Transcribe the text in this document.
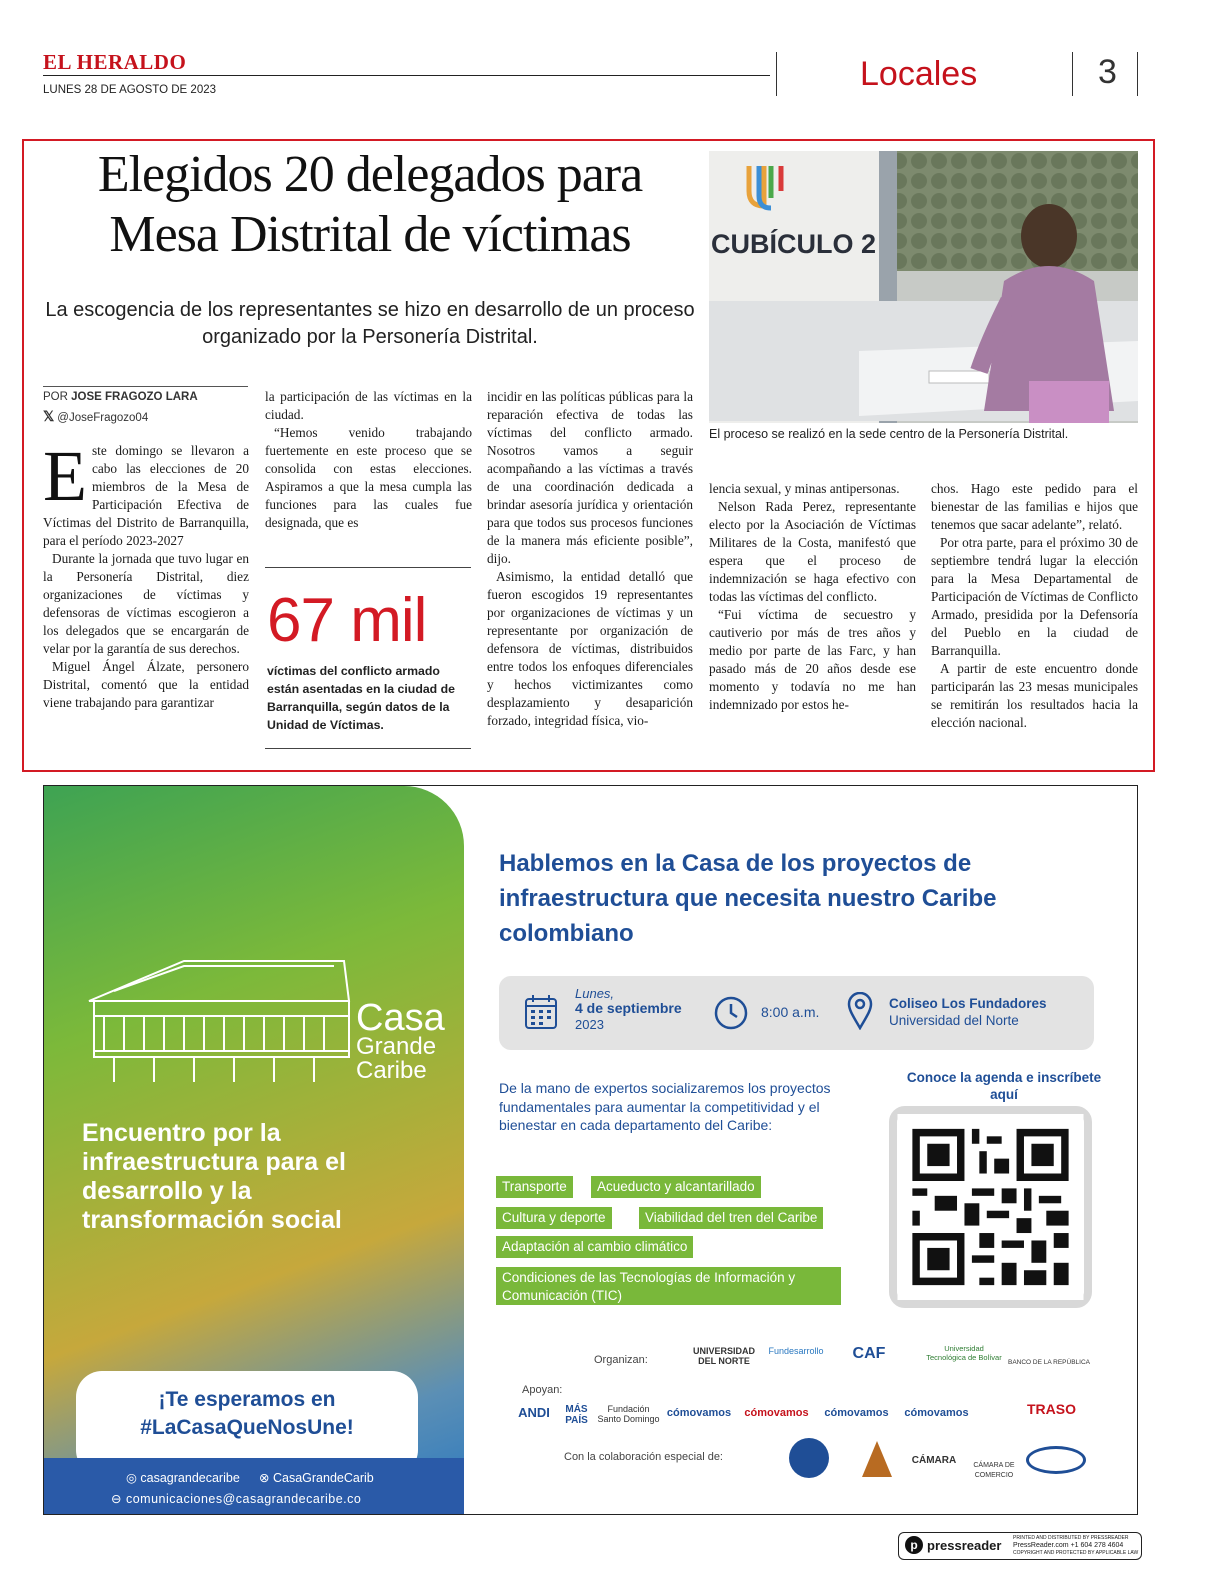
EL HERALDO
LUNES 28 DE AGOSTO DE 2023	Locales	3
Elegidos 20 delegados para Mesa Distrital de víctimas
La escogencia de los representantes se hizo en desarrollo de un proceso organizado por la Personería Distrital.
CUBÍCULO 2
El proceso se realizó en la sede centro de la Personería Distrital.
POR JOSE FRAGOZO LARA
𝕏 @JoseFragozo04
E ste domingo se llevaron a cabo las elecciones de 20 miembros de la Mesa de Participación Efectiva de Víctimas del Distrito de Barranquilla, para el período 2023-2027

Durante la jornada que tuvo lugar en la Personería Distrital, diez organizaciones de víctimas y defensoras de víctimas escogieron a los delegados que se encargarán de velar por la garantía de sus derechos.

Miguel Ángel Álzate, personero Distrital, comentó que la entidad viene trabajando para garantizar

la participación de las víctimas en la ciudad.

“Hemos venido trabajando fuertemente en este proceso que se consolida con estas elecciones. Aspiramos a que la mesa cumpla las funciones para las cuales fue designada, que es

67 mil
víctimas del conflicto armado están asentadas en la ciudad de Barranquilla, según datos de la Unidad de Víctimas.

incidir en las políticas públicas para la reparación efectiva de todas las víctimas del conflicto armado. Nosotros vamos a seguir acompañando a las víctimas a través de una coordinación dedicada a brindar asesoría jurídica y orientación para que todos sus procesos funciones de la manera más eficiente posible”, dijo.

Asimismo, la entidad detalló que fueron escogidos 19 representantes por organizaciones de víctimas y un representante por organización de defensora de víctimas, distribuidos entre todos los enfoques diferenciales y hechos victimizantes como desplazamiento y desaparición forzado, integridad física, vio-

lencia sexual, y minas antipersonas.

Nelson Rada Perez, representante electo por la Asociación de Víctimas Militares de la Costa, manifestó que espera que el proceso de indemnización se haga efectivo con todas las víctimas del conflicto.

“Fui víctima de secuestro y cautiverio por más de tres años y medio por parte de las Farc, y han pasado más de 20 años desde ese momento y todavía no me han indemnizado por estos he-

chos. Hago este pedido para el bienestar de las familias e hijos que tenemos que sacar adelante”, relató.

Por otra parte, para el próximo 30 de septiembre tendrá lugar la elección para la Mesa Departamental de Participación de Víctimas de Conflicto Armado, presidida por la Defensoría del Pueblo en la ciudad de Barranquilla.

A partir de este encuentro donde participarán las 23 mesas municipales se remitirán los resultados hacia la elección nacional.

Casa
Grande
Caribe
Encuentro por la infraestructura para el desarrollo y la transformación social
¡Te esperamos en
#LaCasaQueNosUne!
◎ casagrandecaribe ⊗ CasaGrandeCarib
⊖ comunicaciones@casagrandecaribe.co
Hablemos en la Casa de los proyectos de infraestructura que necesita nuestro Caribe colombiano
Lunes,
4 de septiembre
2023
8:00 a.m.
Coliseo Los Fundadores
Universidad del Norte
De la mano de expertos socializaremos los proyectos fundamentales para aumentar la competitividad y el bienestar en cada departamento del Caribe:
Transporte	Acueducto y alcantarillado
Cultura y deporte	Viabilidad del tren del Caribe
Adaptación al cambio climático
Condiciones de las Tecnologías de Información y Comunicación (TIC)
Conoce la agenda e inscríbete aquí
Organizan:
UNIVERSIDAD DEL NORTE
Fundesarrollo	CAF	Universidad Tecnológica de Bolívar
BANCO DE LA REPÚBLICA
Apoyan:
ANDI	MÁS PAÍS
Fundación Santo Domingo cómovamos	cómovamos	cómovamos	cómovamos	TRASO
Con la colaboración especial de:	CÁMARA	CÁMARA DE COMERCIO
p pressreader PRINTED AND DISTRIBUTED BY PRESSREADER
PressReader.com +1 604 278 4604
COPYRIGHT AND PROTECTED BY APPLICABLE LAW
